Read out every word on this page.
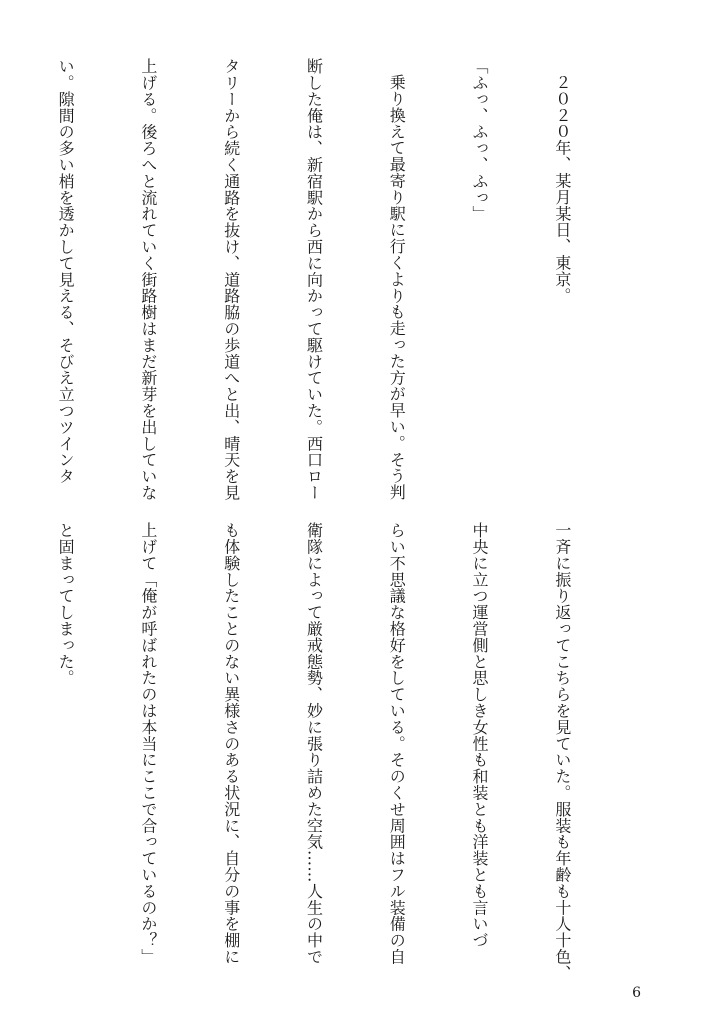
２０２０年、某月某日、東京。

「ふっ、ふっ、ふっ」

乗り換えて最寄り駅に行くよりも走った方が早い。そう判

断した俺は、新宿駅から西に向かって駆けていた。西口ロー

タリーから続く通路を抜け、道路脇の歩道へと出、晴天を見

上げる。後ろへと流れていく街路樹はまだ新芽を出していな

い。隙間の多い梢を透かして見える、そびえ立つツインタ

一斉に振り返ってこちらを見ていた。服装も年齢も十人十色、

中央に立つ運営側と思しき女性も和装とも洋装とも言いづ

らい不思議な格好をしている。そのくせ周囲はフル装備の自

衛隊によって厳戒態勢、妙に張り詰めた空気……人生の中で

も体験したことのない異様さのある状況に、自分の事を棚に

上げて「俺が呼ばれたのは本当にここで合っているのか？」

と固まってしまった。

6
